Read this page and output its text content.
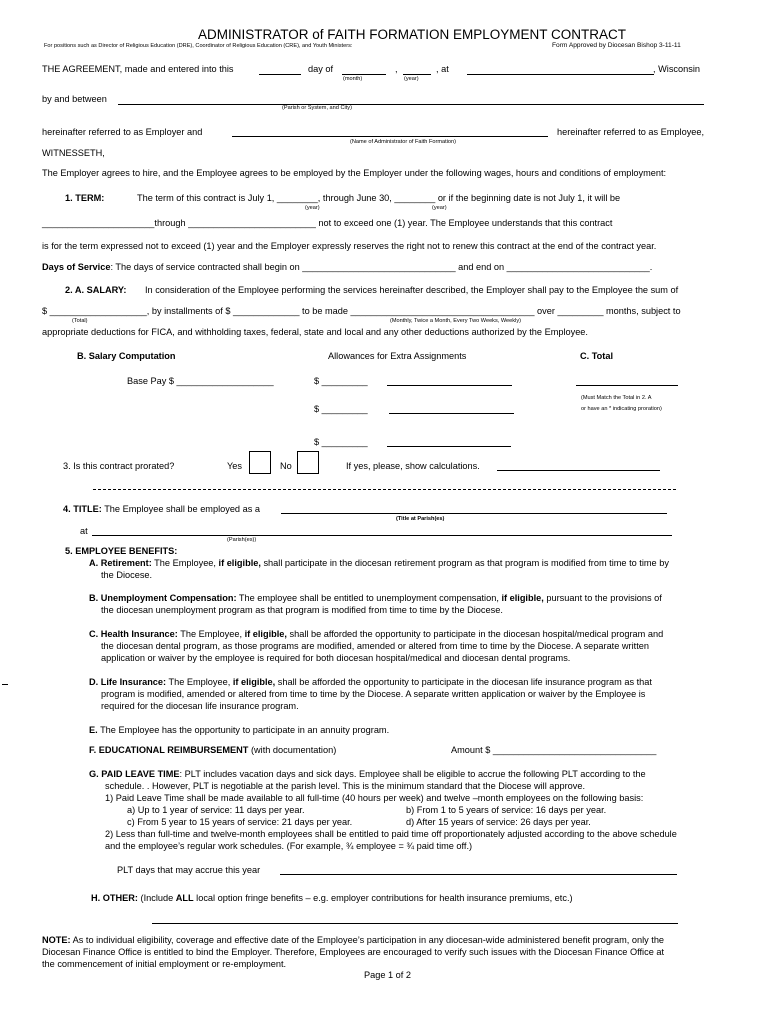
ADMINISTRATOR of FAITH FORMATION EMPLOYMENT CONTRACT
For positions such as Director of Religious Education (DRE), Coordinator of Religious Education (CRE), and Youth Ministers:	Form Approved by Diocesan Bishop 3-11-11
THE AGREEMENT, made and entered into this	day of	,	, at	, Wisconsin
(month)	(year)
by and between
(Parish or System, and City)
hereinafter referred to as Employer and	hereinafter referred to as Employee,
(Name of Administrator of Faith Formation)
WITNESSETH,
The Employer agrees to hire, and the Employee agrees to be employed by the Employer under the following wages, hours and conditions of employment:
1. TERM:	The term of this contract is July 1, ________, through June 30, ________ or if the beginning date is not July 1, it will be
(year)	(year)
______________________through _________________________ not to exceed one (1) year. The Employee understands that this contract
is for the term expressed not to exceed (1) year and the Employer expressly reserves the right not to renew this contract at the end of the contract year.
Days of Service: The days of service contracted shall begin on ______________________________ and end on ____________________________.
2. A. SALARY: In consideration of the Employee performing the services hereinafter described, the Employer shall pay to the Employee the sum of
$ ___________________, by installments of $ _____________ to be made ____________________________________ over _________ months, subject to
(Total)	(Monthly, Twice a Month, Every Two Weeks, Weekly)
appropriate deductions for FICA, and withholding taxes, federal, state and local and any other deductions authorized by the Employee.
B. Salary Computation	Allowances for Extra Assignments	C. Total
Base Pay $ ___________________	$ _________
(Must Match the Total in 2. A
or have an * indicating proration)
$ _________
$ _________
3. Is this contract prorated?	Yes	No	If yes, please, show calculations.
4. TITLE: The Employee shall be employed as a
(Title at Parish(es)
at
(Parish(es))
5. EMPLOYEE BENEFITS:
A. Retirement: The Employee, if eligible, shall participate in the diocesan retirement program as that program is modified from time to time by
the Diocese.
B. Unemployment Compensation: The employee shall be entitled to unemployment compensation, if eligible, pursuant to the provisions of
the diocesan unemployment program as that program is modified from time to time by the Diocese.
C. Health Insurance: The Employee, if eligible, shall be afforded the opportunity to participate in the diocesan hospital/medical program and
the diocesan dental program, as those programs are modified, amended or altered from time to time by the Diocese. A separate written
application or waiver by the employee is required for both diocesan hospital/medical and diocesan dental programs.
D. Life Insurance: The Employee, if eligible, shall be afforded the opportunity to participate in the diocesan life insurance program as that
program is modified, amended or altered from time to time by the Diocese. A separate written application or waiver by the Employee is
required for the diocesan life insurance program.
E. The Employee has the opportunity to participate in an annuity program.
F. EDUCATIONAL REIMBURSEMENT (with documentation)	Amount $ ________________________________
G. PAID LEAVE TIME: PLT includes vacation days and sick days. Employee shall be eligible to accrue the following PLT according to the
schedule. . However, PLT is negotiable at the parish level. This is the minimum standard that the Diocese will approve.
1) Paid Leave Time shall be made available to all full-time (40 hours per week) and twelve –month employees on the following basis:
a) Up to 1 year of service: 11 days per year.	b) From 1 to 5 years of service: 16 days per year.
c) From 5 year to 15 years of service: 21 days per year.	d) After 15 years of service: 26 days per year.
2) Less than full-time and twelve-month employees shall be entitled to paid time off proportionately adjusted according to the above schedule
and the employee’s regular work schedules. (For example, ¾ employee = ¾ paid time off.)
PLT days that may accrue this year
H. OTHER: (Include ALL local option fringe benefits – e.g. employer contributions for health insurance premiums, etc.)
NOTE: As to individual eligibility, coverage and effective date of the Employee’s participation in any diocesan-wide administered benefit program, only the
Diocesan Finance Office is entitled to bind the Employer. Therefore, Employees are encouraged to verify such issues with the Diocesan Finance Office at
the commencement of initial employment or re-employment.
Page 1 of 2
